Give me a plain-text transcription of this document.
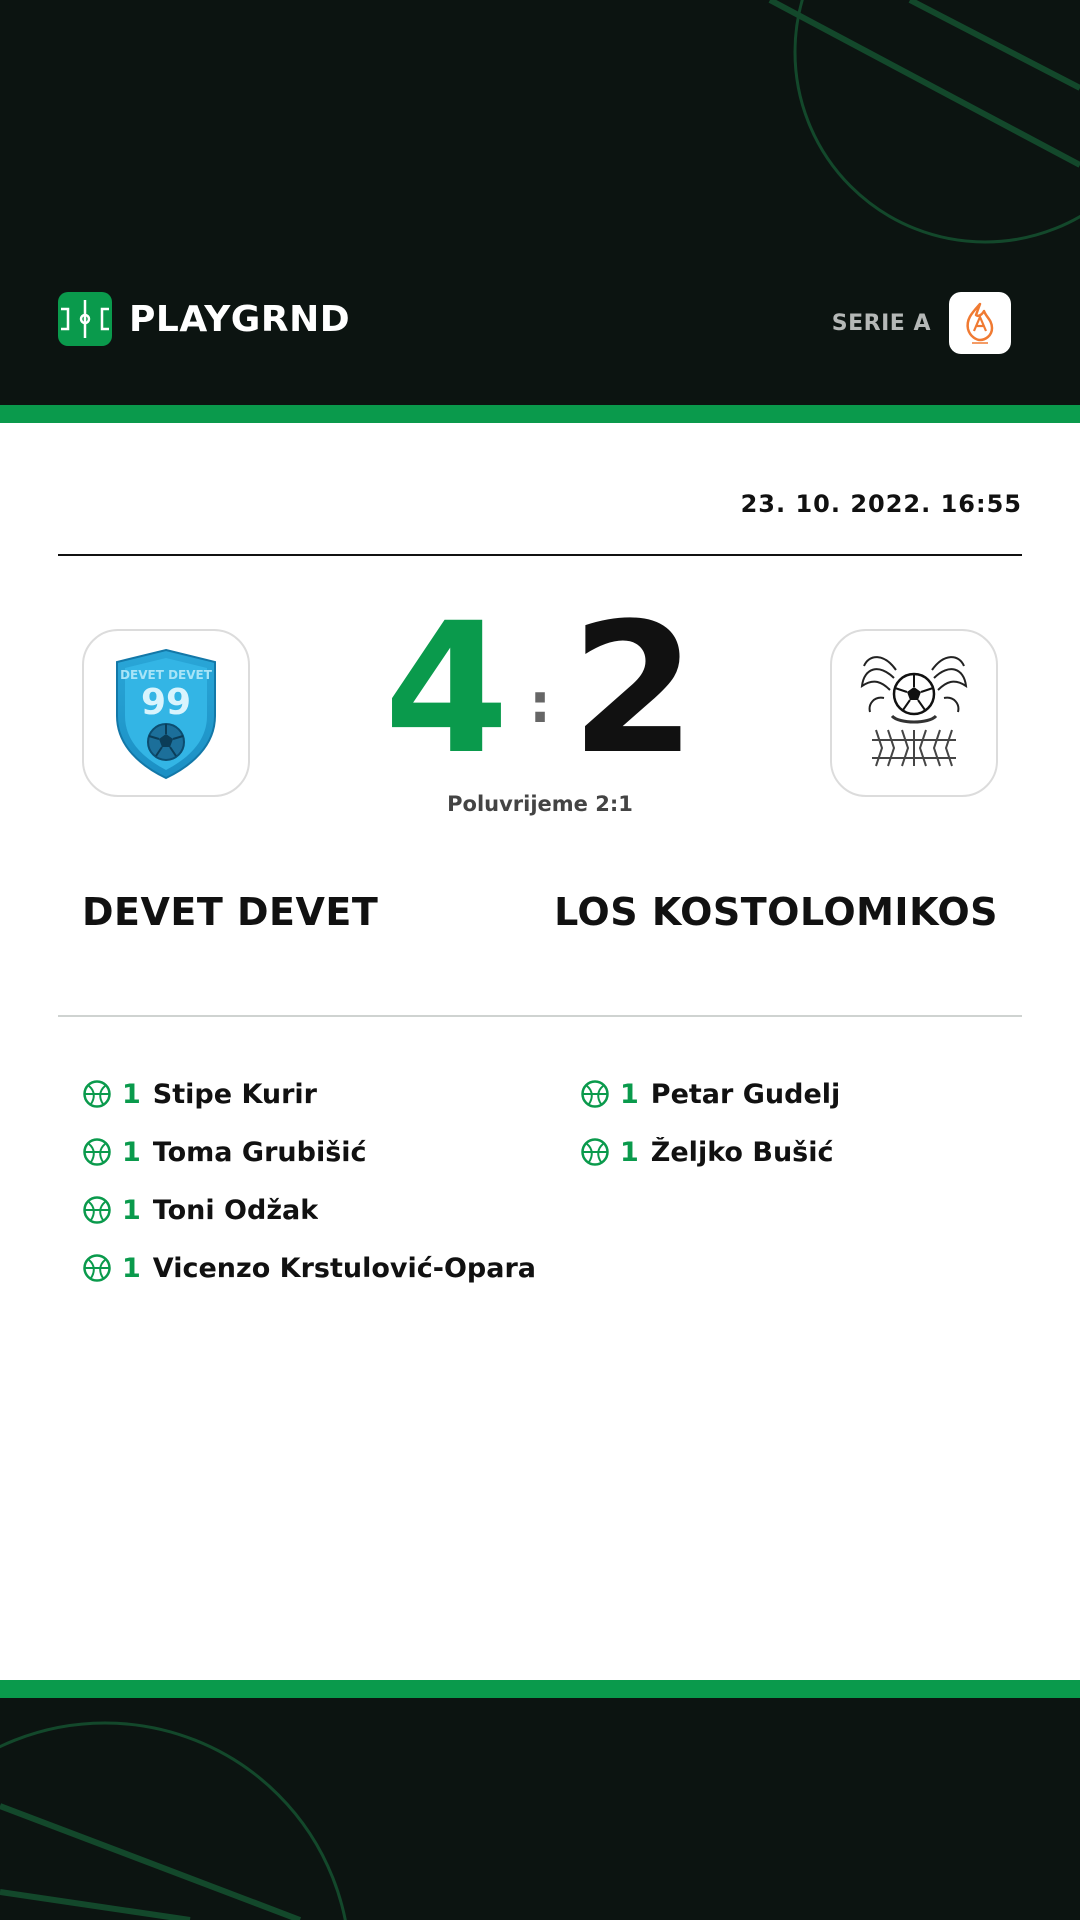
PLAYGRND	SERIE A
23. 10. 2022. 16:55
DEVET DEVET
99	4 : 2
Poluvrijeme 2:1
DEVET DEVET	LOS KOSTOLOMIKOS
1 Stipe Kurir
1 Toma Grubišić
1 Toni Odžak
1 Vicenzo Krstulović-Opara
1 Petar Gudelj
1 Željko Bušić
